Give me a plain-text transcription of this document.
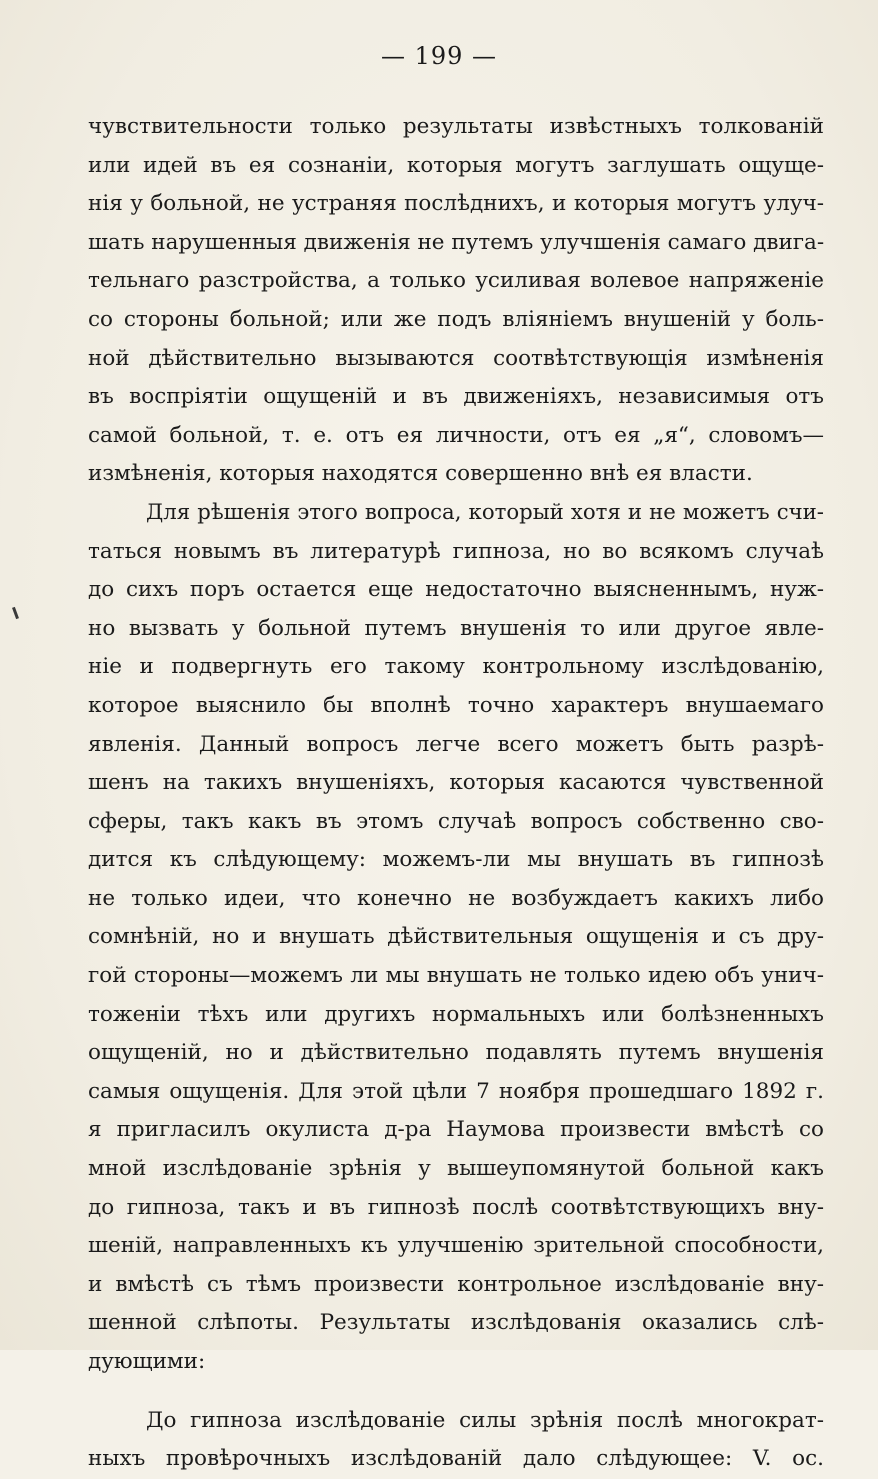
— 199 —
чувствительности только результаты извѣстныхъ толкованій
или идей въ ея сознаніи, которыя могутъ заглушать ощуще-
нія у больной, не устраняя послѣднихъ, и которыя могутъ улуч-
шать нарушенныя движенія не путемъ улучшенія самаго двига-
тельнаго разстройства, а только усиливая волевое напряженіе
со стороны больной; или же подъ вліяніемъ внушеній у боль-
ной дѣйствительно вызываются соотвѣтствующія измѣненія
въ воспріятіи ощущеній и въ движеніяхъ, независимыя отъ
самой больной, т. е. отъ ея личности, отъ ея „я“, словомъ—
измѣненія, которыя находятся совершенно внѣ ея власти.
Для рѣшенія этого вопроса, который хотя и не можетъ счи-
таться новымъ въ литературѣ гипноза, но во всякомъ случаѣ
до сихъ поръ остается еще недостаточно выясненнымъ, нуж-
но вызвать у больной путемъ внушенія то или другое явле-
ніе и подвергнуть его такому контрольному изслѣдованію,
которое выяснило бы вполнѣ точно характеръ внушаемаго
явленія. Данный вопросъ легче всего можетъ быть разрѣ-
шенъ на такихъ внушеніяхъ, которыя касаются чувственной
сферы, такъ какъ въ этомъ случаѣ вопросъ собственно сво-
дится къ слѣдующему: можемъ-ли мы внушать въ гипнозѣ
не только идеи, что конечно не возбуждаетъ какихъ либо
сомнѣній, но и внушать дѣйствительныя ощущенія и съ дру-
гой стороны—можемъ ли мы внушать не только идею объ унич-
тоженіи тѣхъ или другихъ нормальныхъ или болѣзненныхъ
ощущеній, но и дѣйствительно подавлять путемъ внушенія
самыя ощущенія. Для этой цѣли 7 ноября прошедшаго 1892 г.
я пригласилъ окулиста д-ра Наумова произвести вмѣстѣ со
мной изслѣдованіе зрѣнія у вышеупомянутой больной какъ
до гипноза, такъ и въ гипнозѣ послѣ соотвѣтствующихъ вну-
шеній, направленныхъ къ улучшенію зрительной способности,
и вмѣстѣ съ тѣмъ произвести контрольное изслѣдованіе вну-
шенной слѣпоты. Результаты изслѣдованія оказались слѣ-
дующими:
До гипноза изслѣдованіе силы зрѣнія послѣ многократ-
ныхъ провѣрочныхъ изслѣдованій дало слѣдующее: V. ос.
